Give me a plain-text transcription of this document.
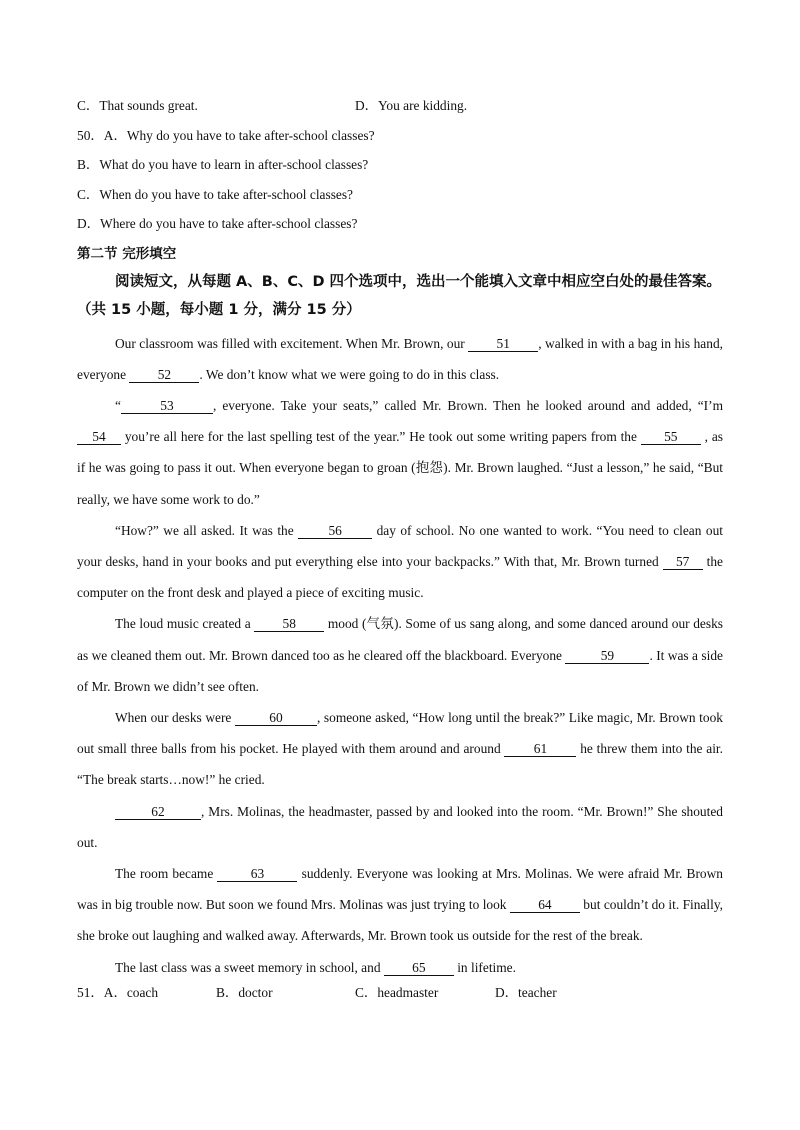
C．That sounds great.	D．You are kidding.
50．A．Why do you have to take after-school classes?
B．What do you have to learn in after-school classes?
C．When do you have to take after-school classes?
D．Where do you have to take after-school classes?
第二节 完形填空
阅读短文，从每题 A、B、C、D 四个选项中，选出一个能填入文章中相应空白处的最佳答案。（共 15 小题，每小题 1 分，满分 15 分）

Our classroom was filled with excitement. When Mr. Brown, our 51 , walked in with a bag in his hand, everyone 52 . We don’t know what we were going to do in this class.

“	53	, everyone. Take your seats,” called Mr. Brown. Then he looked around and added, “I’m 54 you’re all here for the last spelling test of the year.” He took out some writing papers from the 55 , as if he was going to pass it out. When everyone began to groan (抱怨). Mr. Brown laughed. “Just a lesson,” he said, “But really, we have some work to do.”

“How?” we all asked. It was the 56 day of school. No one wanted to work. “You need to clean out your desks, hand in your books and put everything else into your backpacks.” With that, Mr. Brown turned 57 the computer on the front desk and played a piece of exciting music.

The loud music created a 58 mood (气氛). Some of us sang along, and some danced around our desks as we cleaned them out. Mr. Brown danced too as he cleared off the blackboard. Everyone	59	. It was a side of Mr. Brown we didn’t see often.

When our desks were	60	, someone asked, “How long until the break?” Like magic, Mr. Brown took out small three balls from his pocket. He played with them around and around 61 he threw them into the air. “The break starts…now!” he cried.

62	, Mrs. Molinas, the headmaster, passed by and looked into the room. “Mr. Brown!” She shouted out.

The room became 63 suddenly. Everyone was looking at Mrs. Molinas. We were afraid Mr. Brown was in big trouble now. But soon we found Mrs. Molinas was just trying to look 64 but couldn’t do it. Finally, she broke out laughing and walked away. Afterwards, Mr. Brown took us outside for the rest of the break.

The last class was a sweet memory in school, and 65 in lifetime.

51．A．coach	B．doctor	C．headmaster	D．teacher
